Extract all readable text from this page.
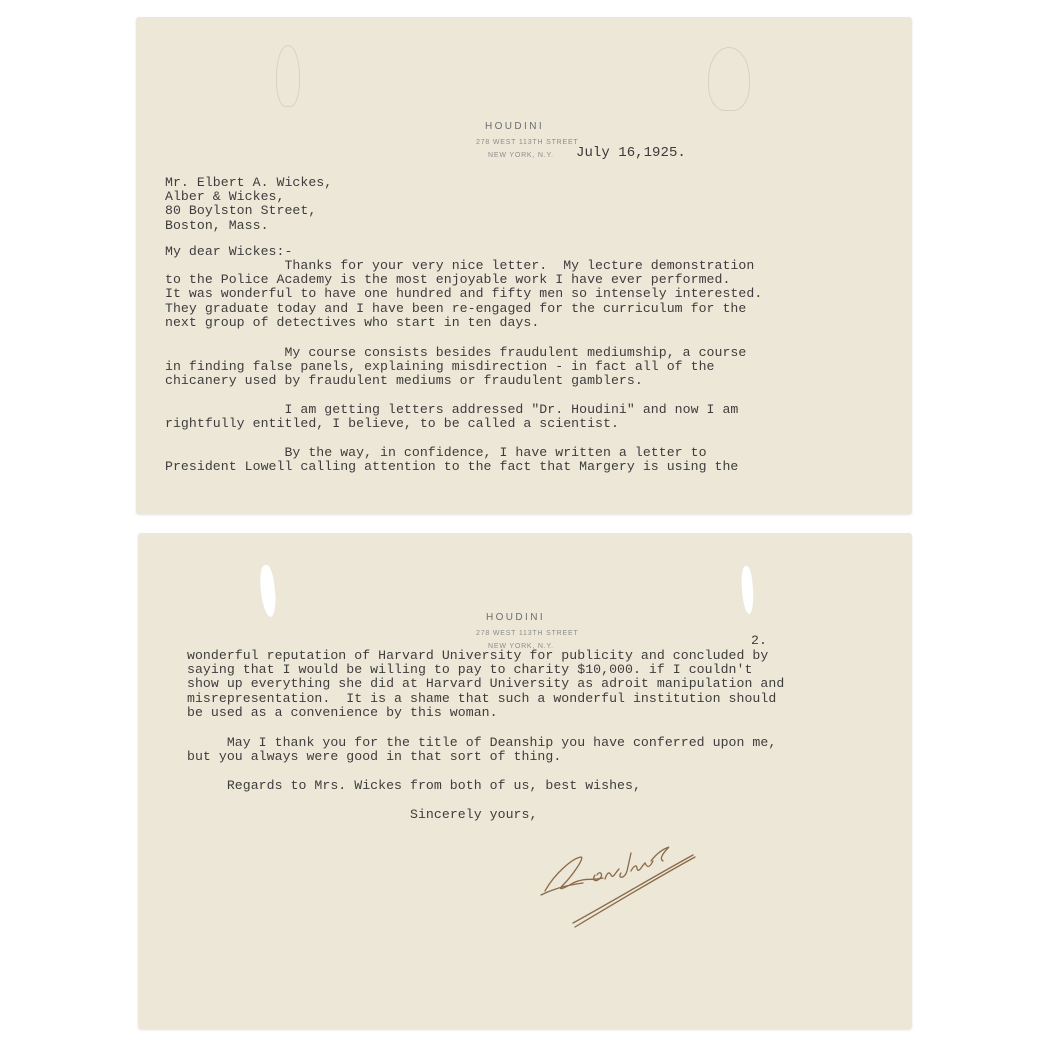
HOUDINI
278 WEST 113TH STREET
NEW YORK, N.Y. July 16,1925.
Mr. Elbert A. Wickes,
Alber & Wickes,
80 Boylston Street,
Boston, Mass.
My dear Wickes:-
Thanks for your very nice letter.  My lecture demonstration
to the Police Academy is the most enjoyable work I have ever performed.
It was wonderful to have one hundred and fifty men so intensely interested.
They graduate today and I have been re-engaged for the curriculum for the
next group of detectives who start in ten days.
My course consists besides fraudulent mediumship, a course
in finding false panels, explaining misdirection - in fact all of the
chicanery used by fraudulent mediums or fraudulent gamblers.
I am getting letters addressed "Dr. Houdini" and now I am
rightfully entitled, I believe, to be called a scientist.
By the way, in confidence, I have written a letter to
President Lowell calling attention to the fact that Margery is using the
HOUDINI
278 WEST 113TH STREET
NEW YORK, N.Y.	2.
wonderful reputation of Harvard University for publicity and concluded by
saying that I would be willing to pay to charity $10,000. if I couldn't
show up everything she did at Harvard University as adroit manipulation and
misrepresentation.  It is a shame that such a wonderful institution should
be used as a convenience by this woman.
May I thank you for the title of Deanship you have conferred upon me,
but you always were good in that sort of thing.
Regards to Mrs. Wickes from both of us, best wishes,
Sincerely yours,
